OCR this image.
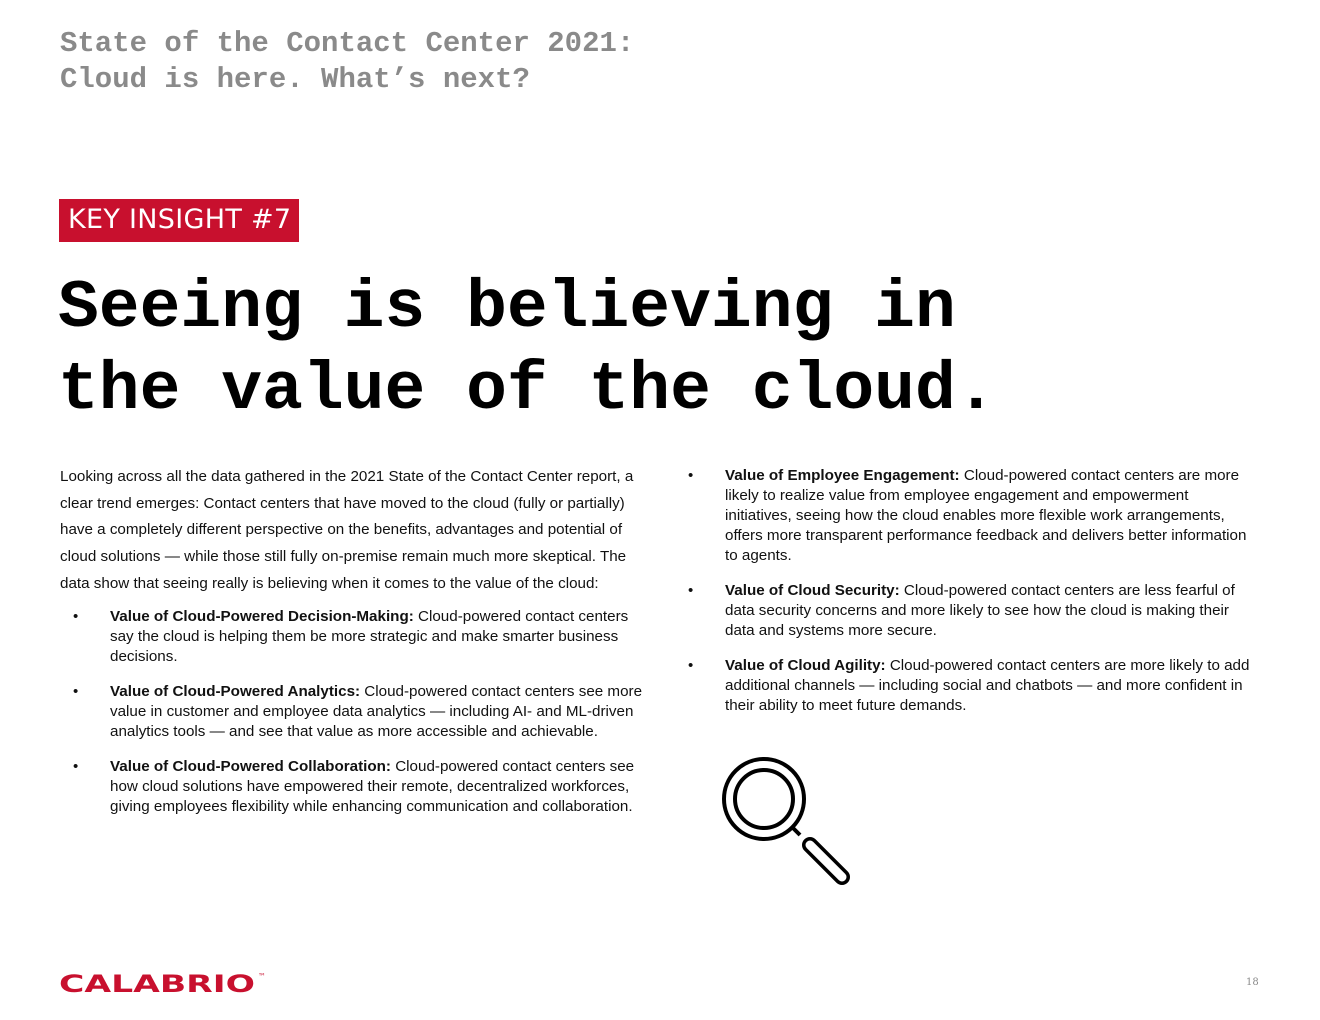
State of the Contact Center 2021:
Cloud is here. What’s next?
KEY INSIGHT #7
Seeing is believing in
the value of the cloud.

Looking across all the data gathered in the 2021 State of the Contact Center report, a clear trend emerges: Contact centers that have moved to the cloud (fully or partially) have a completely different perspective on the benefits, advantages and potential of cloud solutions — while those still fully on-premise remain much more skeptical. The data show that seeing really is believing when it comes to the value of the cloud:

• Value of Cloud-Powered Decision-Making: Cloud-powered contact centers say the cloud is helping them be more strategic and make smarter business decisions.
• Value of Cloud-Powered Analytics: Cloud-powered contact centers see more value in customer and employee data analytics — including AI- and ML-driven analytics tools — and see that value as more accessible and achievable.
• Value of Cloud-Powered Collaboration: Cloud-powered contact centers see how cloud solutions have empowered their remote, decentralized workforces, giving employees flexibility while enhancing communication and collaboration.
• Value of Employee Engagement: Cloud-powered contact centers are more likely to realize value from employee engagement and empowerment initiatives, seeing how the cloud enables more flexible work arrangements, offers more transparent performance feedback and delivers better information to agents.
• Value of Cloud Security: Cloud-powered contact centers are less fearful of data security concerns and more likely to see how the cloud is making their data and systems more secure.
• Value of Cloud Agility: Cloud-powered contact centers are more likely to add additional channels — including social and chatbots — and more confident in their ability to meet future demands.
CALABRIO ™
18
